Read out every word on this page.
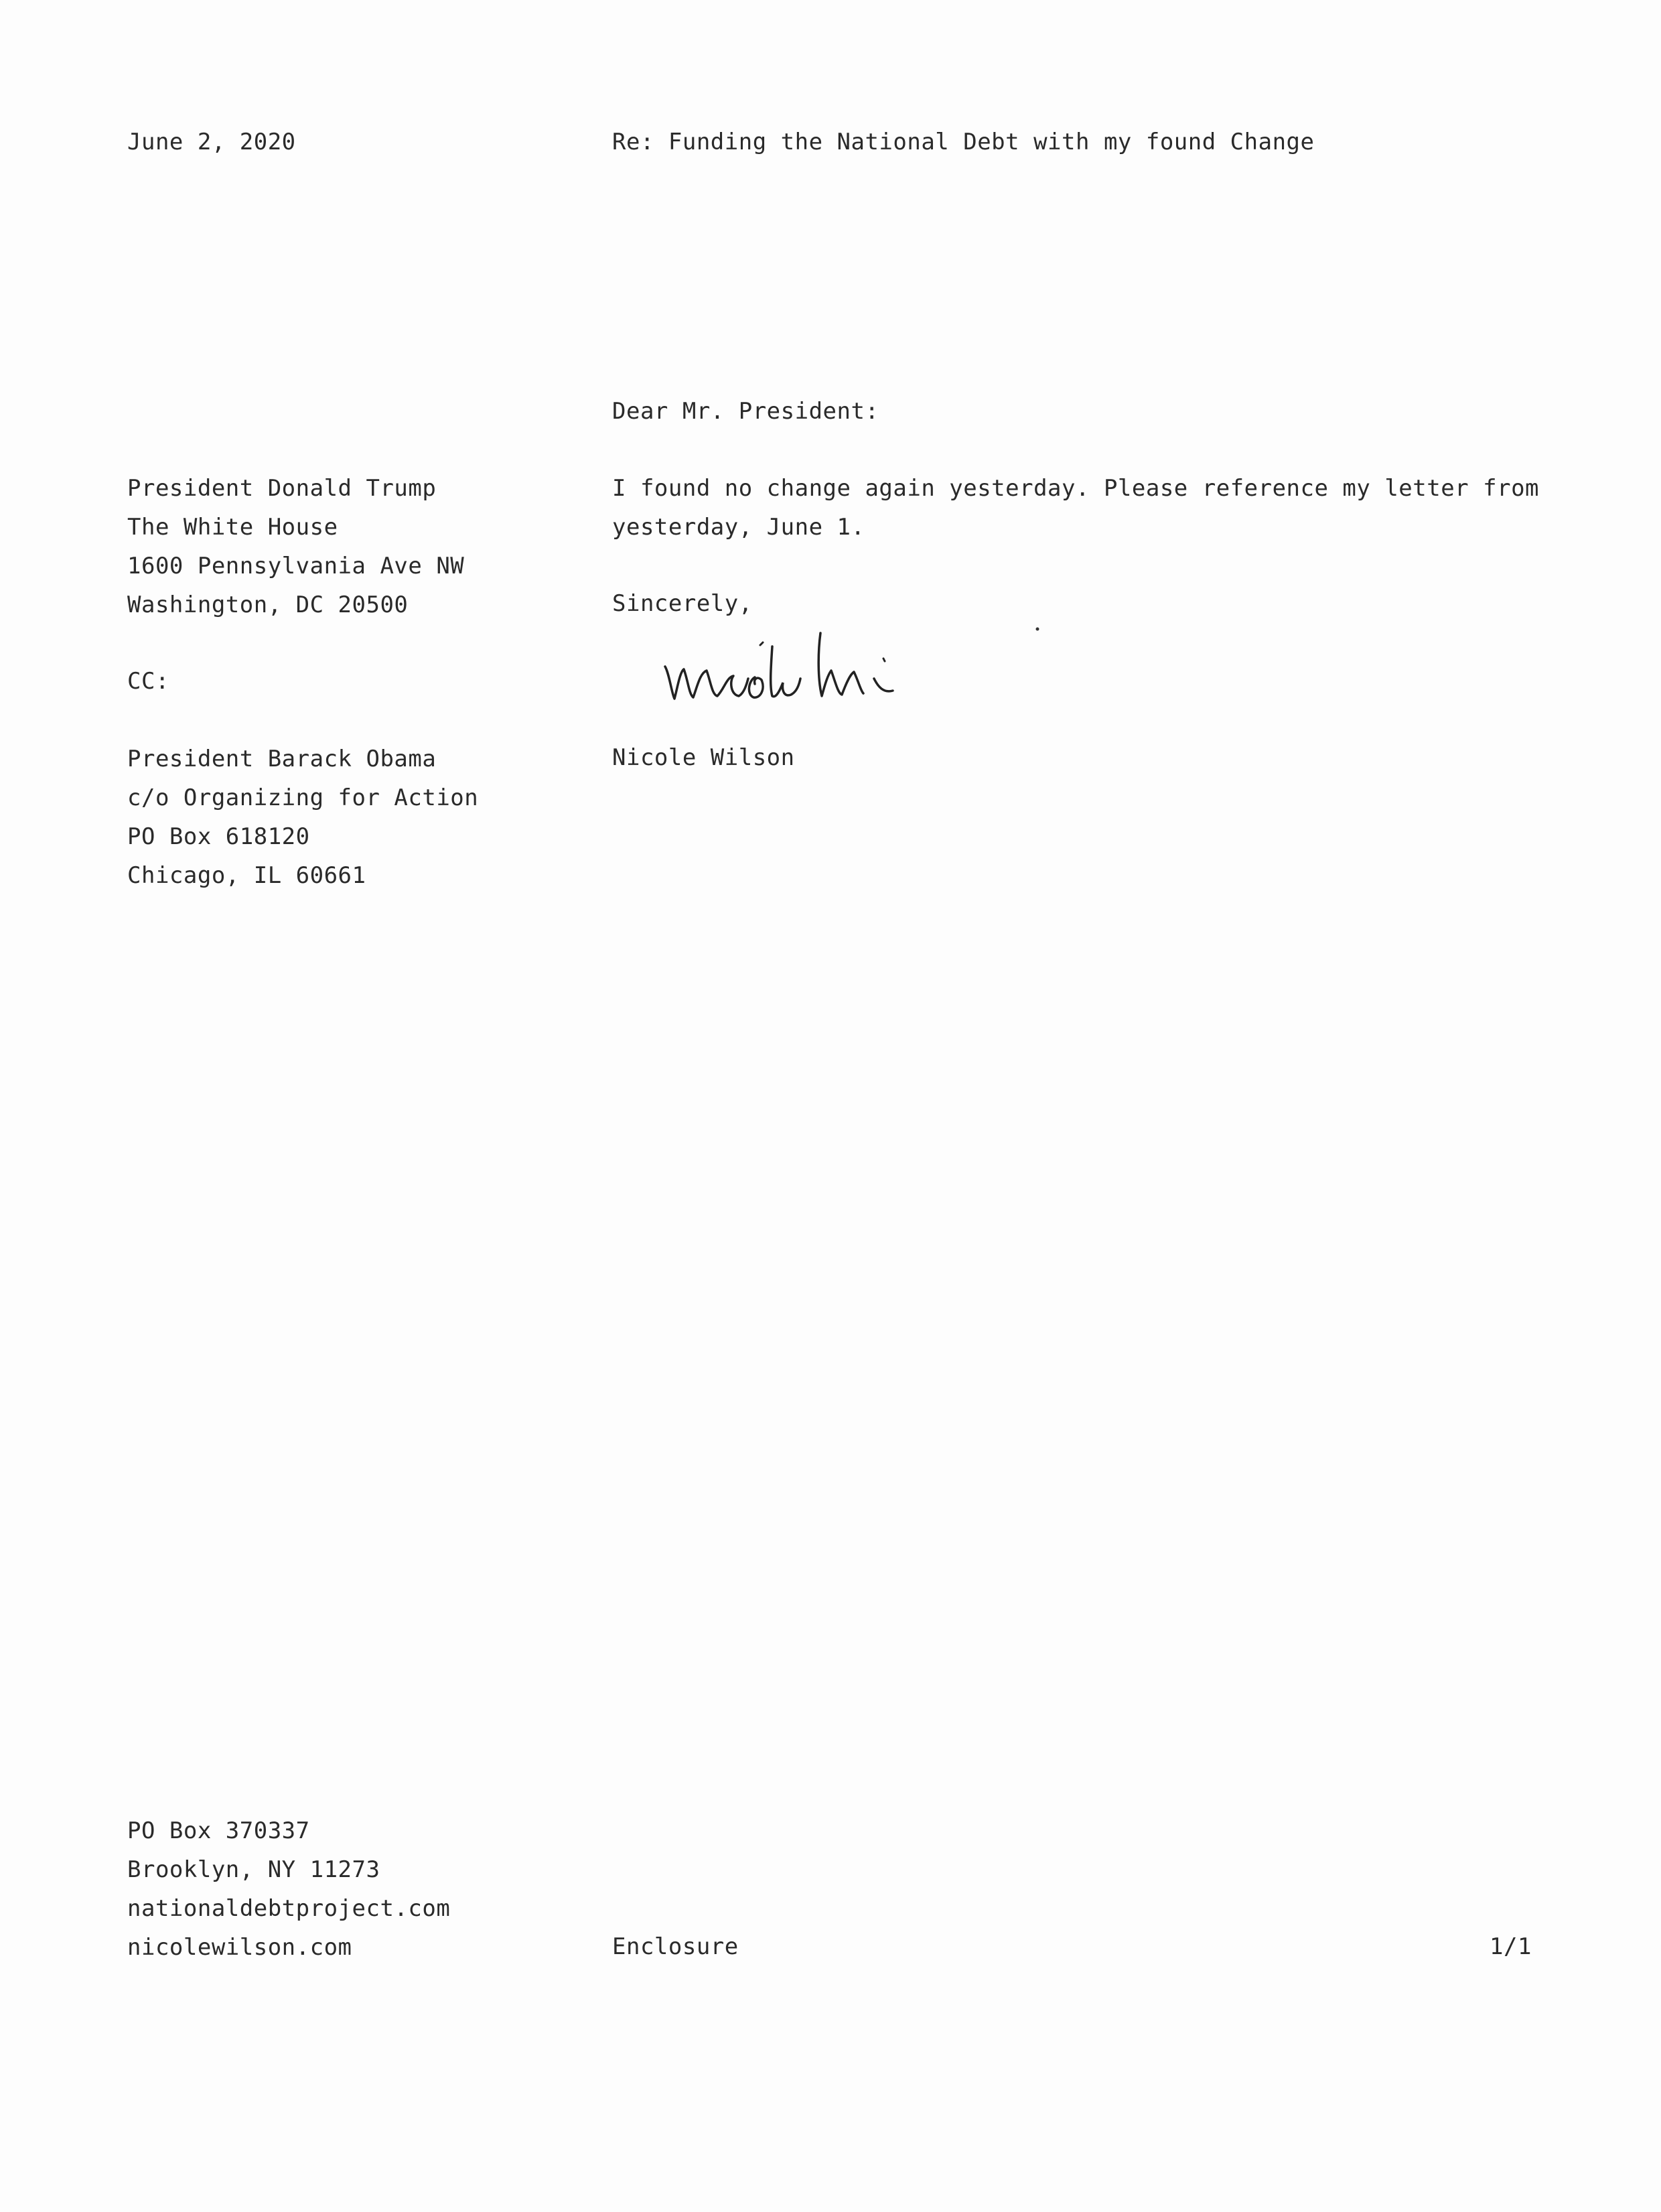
June 2, 2020	Re: Funding the National Debt with my found Change
Dear Mr. President:
I found no change again yesterday. Please reference my letter from yesterday, June 1.
Sincerely,
Nicole Wilson
President Donald Trump
The White House
1600 Pennsylvania Ave NW
Washington, DC 20500
CC:
President Barack Obama
c/o Organizing for Action
PO Box 618120
Chicago, IL 60661
PO Box 370337
Brooklyn, NY 11273
nationaldebtproject.com
nicolewilson.com	Enclosure	1/1
